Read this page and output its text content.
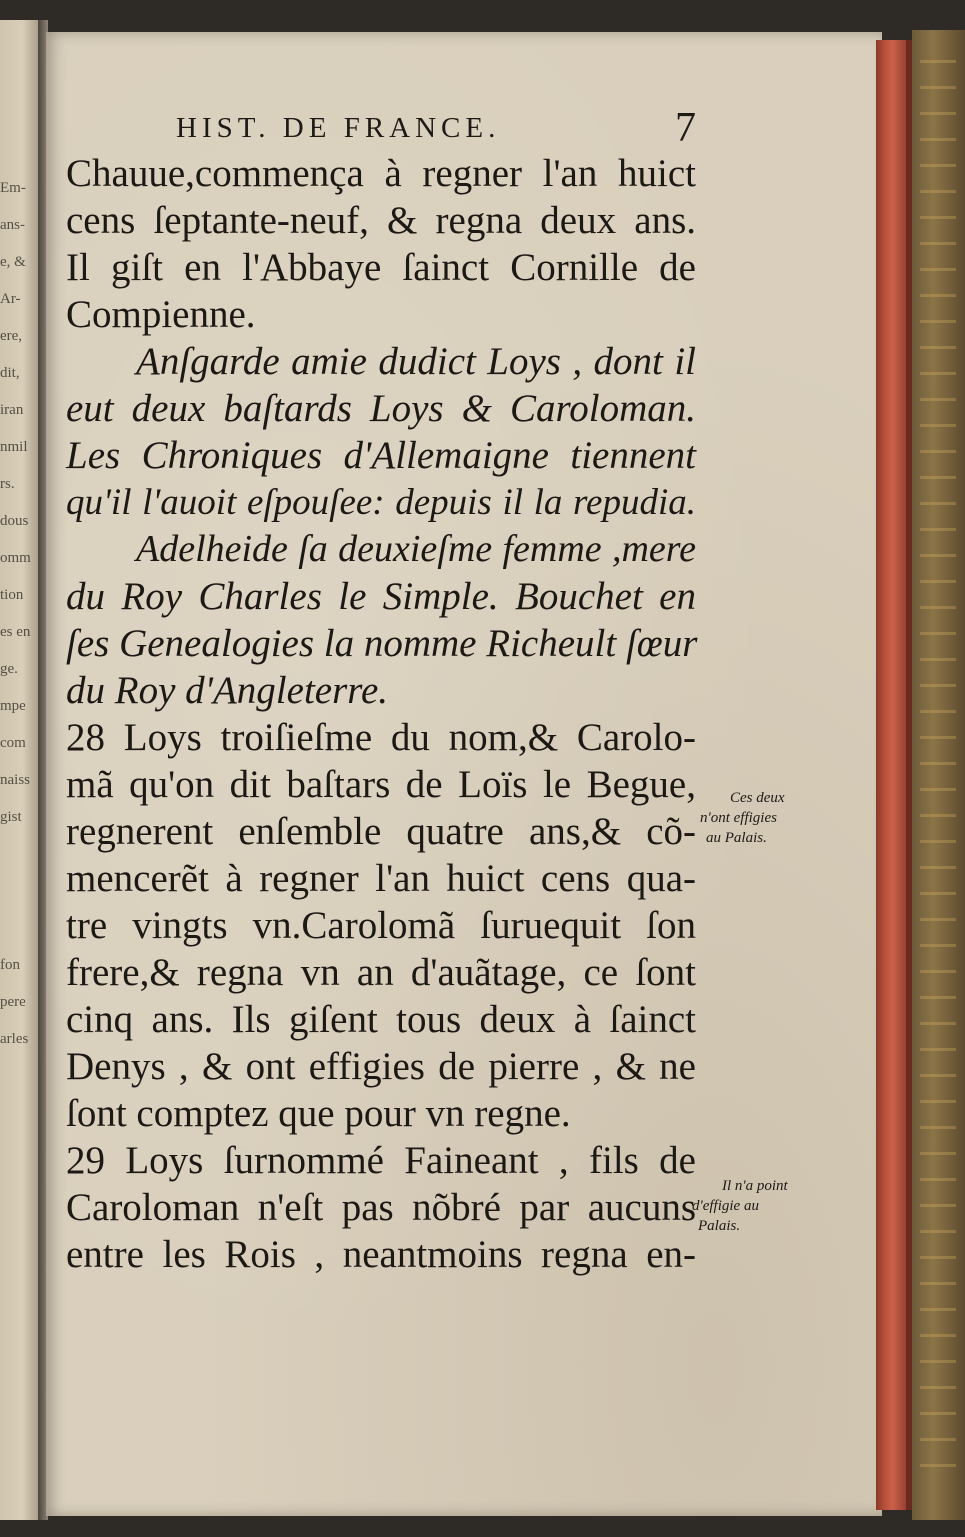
Em-
ans-
e, &
Ar-
ere,
dit,
iran
nmil
rs.
dous
omm
tion
es en
ge.
mpe
com
naiss
gist
fon
pere
arles
HIST. DE FRANCE.	7
Chauue,commença à regner l'an huict
cens ſeptante-neuf, & regna deux ans.
Il giſt en l'Abbaye ſainct Cornille de
Compienne.
Anſgarde amie dudict Loys , dont il
eut deux baſtards Loys & Caroloman.
Les Chroniques d'Allemaigne tiennent
qu'il l'auoit eſpouſee: depuis il la repudia.
Adelheide ſa deuxieſme femme ,mere
du Roy Charles le Simple. Bouchet en
ſes Genealogies la nomme Richeult ſœur
du Roy d'Angleterre.
28 Loys troiſieſme du nom,& Carolo-
mã qu'on dit baſtars de Loïs le Begue,
regnerent enſemble quatre ans,& cõ-
mencerẽt à regner l'an huict cens qua-
tre vingts vn.Carolomã ſuruequit ſon
frere,& regna vn an d'auãtage, ce ſont
cinq ans. Ils giſent tous deux à ſainct
Denys , & ont effigies de pierre , & ne
ſont comptez que pour vn regne.
29 Loys ſurnommé Faineant , fils de
Caroloman n'eſt pas nõbré par aucuns
entre les Rois , neantmoins regna en-
Ces deux
n'ont effigies
au Palais.
Il n'a point
d'effigie au
Palais.
